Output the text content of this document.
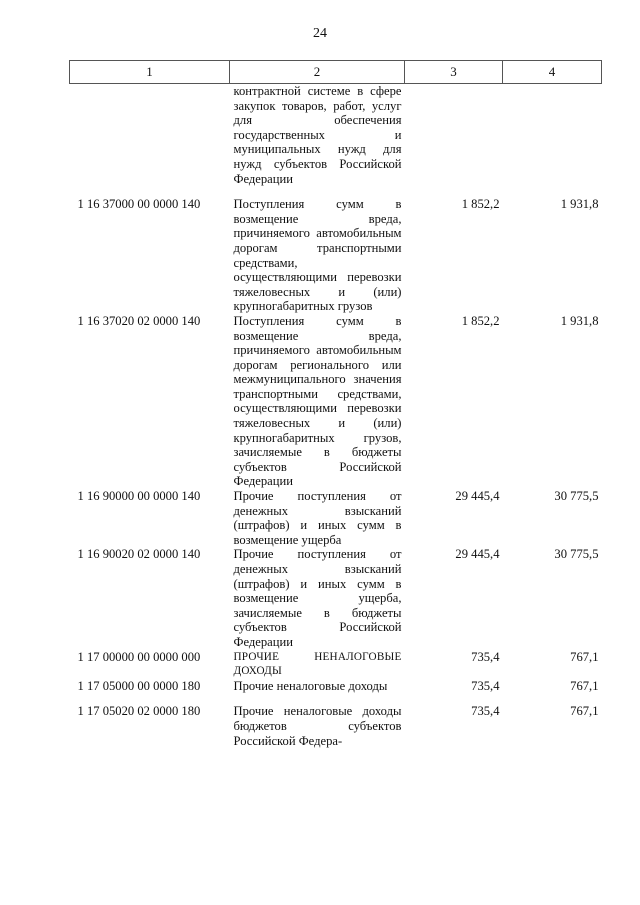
24
1	2	3	4
	контрактной системе в сфере закупок товаров, работ, услуг для обеспечения государственных и муниципальных нужд для нужд субъектов Российской Федерации		
1 16 37000 00 0000 140	Поступления сумм в возмещение вреда, причиняемого автомобильным дорогам транспортными средствами, осуществляющими перевозки тяжеловесных и (или) крупногабаритных грузов	1 852,2	1 931,8
1 16 37020 02 0000 140	Поступления сумм в возмещение вреда, причиняемого автомобильным дорогам регионального или межмуниципального значения транспортными средствами, осуществляющими перевозки тяжеловесных и (или) крупногабаритных грузов, зачисляемые в бюджеты субъектов Российской Федерации	1 852,2	1 931,8
1 16 90000 00 0000 140	Прочие поступления от денежных взысканий (штрафов) и иных сумм в возмещение ущерба	29 445,4	30 775,5
1 16 90020 02 0000 140	Прочие поступления от денежных взысканий (штрафов) и иных сумм в возмещение ущерба, зачисляемые в бюджеты субъектов Российской Федерации	29 445,4	30 775,5
1 17 00000 00 0000 000	ПРОЧИЕ НЕНАЛОГОВЫЕ ДОХОДЫ	735,4	767,1
1 17 05000 00 0000 180	Прочие неналоговые доходы	735,4	767,1
1 17 05020 02 0000 180	Прочие неналоговые доходы бюджетов субъектов Российской Федера-	735,4	767,1
